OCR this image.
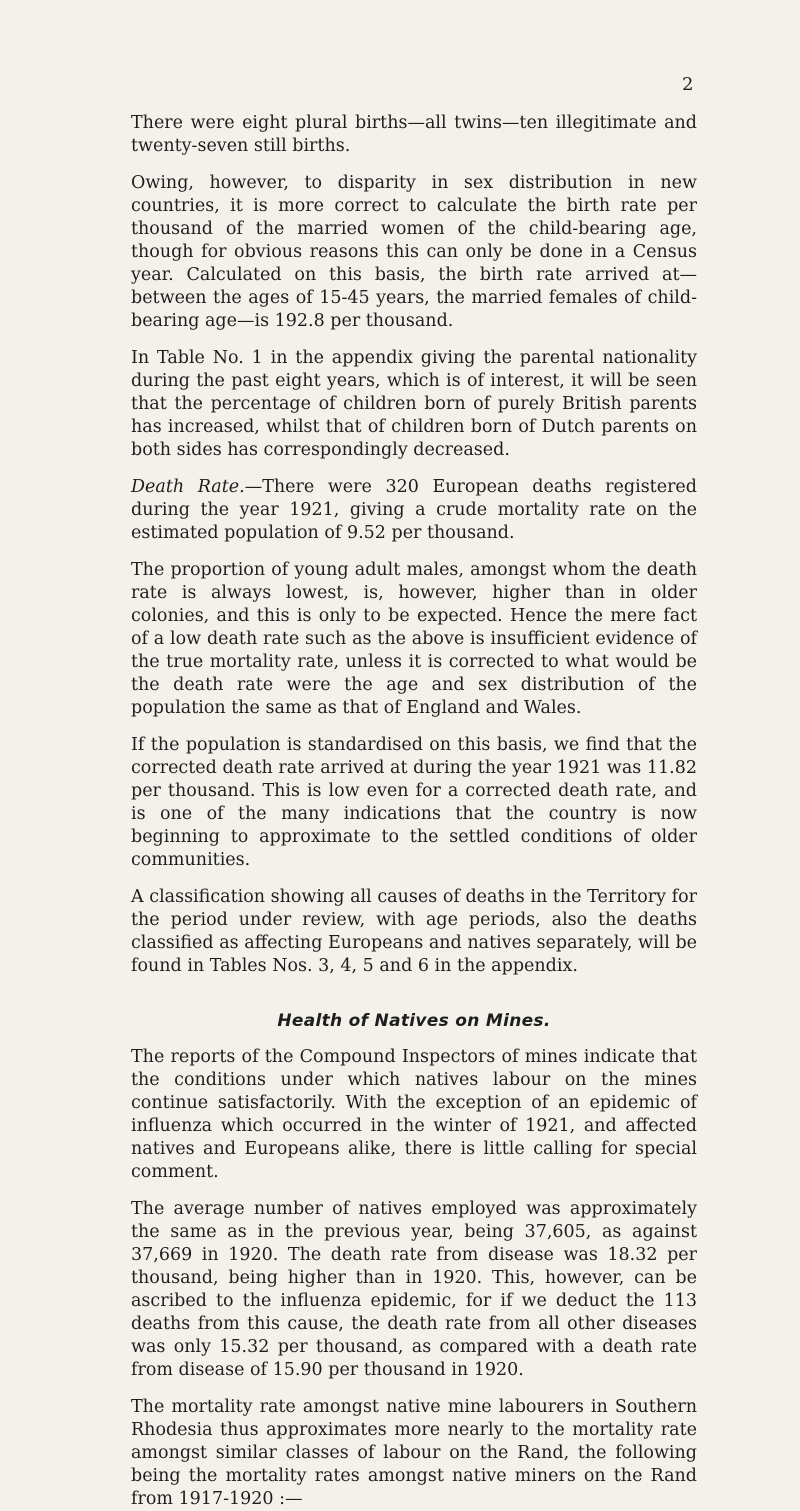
2

There were eight plural births—all twins—ten illegitimate and twenty-seven still births.

Owing, however, to disparity in sex distribution in new countries, it is more correct to calculate the birth rate per thousand of the married women of the child-bearing age, though for obvious reasons this can only be done in a Census year. Calculated on this basis, the birth rate arrived at—between the ages of 15-45 years, the married females of child-bearing age—is 192.8 per thousand.

In Table No. 1 in the appendix giving the parental nationality during the past eight years, which is of interest, it will be seen that the percentage of children born of purely British parents has increased, whilst that of children born of Dutch parents on both sides has correspondingly decreased.

Death Rate.—There were 320 European deaths registered during the year 1921, giving a crude mortality rate on the estimated population of 9.52 per thousand.

The proportion of young adult males, amongst whom the death rate is always lowest, is, however, higher than in older colonies, and this is only to be expected. Hence the mere fact of a low death rate such as the above is insufficient evidence of the true mortality rate, unless it is corrected to what would be the death rate were the age and sex distribution of the population the same as that of England and Wales.

If the population is standardised on this basis, we find that the corrected death rate arrived at during the year 1921 was 11.82 per thousand. This is low even for a corrected death rate, and is one of the many indications that the country is now beginning to approximate to the settled conditions of older communities.

A classification showing all causes of deaths in the Territory for the period under review, with age periods, also the deaths classified as affecting Europeans and natives separately, will be found in Tables Nos. 3, 4, 5 and 6 in the appendix.

Health of Natives on Mines.

The reports of the Compound Inspectors of mines indicate that the conditions under which natives labour on the mines continue satisfactorily. With the exception of an epidemic of influenza which occurred in the winter of 1921, and affected natives and Europeans alike, there is little calling for special comment.

The average number of natives employed was approximately the same as in the previous year, being 37,605, as against 37,669 in 1920. The death rate from disease was 18.32 per thousand, being higher than in 1920. This, however, can be ascribed to the influenza epidemic, for if we deduct the 113 deaths from this cause, the death rate from all other diseases was only 15.32 per thousand, as compared with a death rate from disease of 15.90 per thousand in 1920.

The mortality rate amongst native mine labourers in Southern Rhodesia thus approximates more nearly to the mortality rate amongst similar classes of labour on the Rand, the following being the mortality rates amongst native miners on the Rand from 1917-1920 :—
